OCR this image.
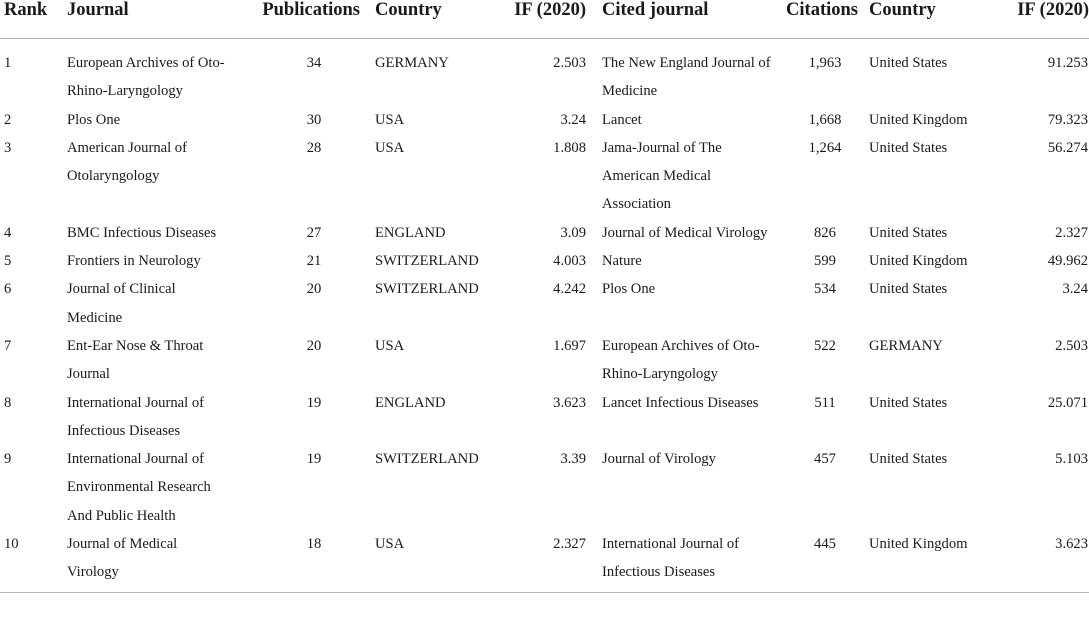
Rank	Journal	Publications	Country	IF (2020)	Cited journal	Citations	Country	IF (2020)

1	European Archives of Oto-Rhino-Laryngology	34	GERMANY	2.503	The New England Journal of Medicine	1,963	United States	91.253
2	Plos One	30	USA	3.24	Lancet	1,668	United Kingdom	79.323
3	American Journal of Otolaryngology	28	USA	1.808	Jama-Journal of The American Medical Association	1,264	United States	56.274
4	BMC Infectious Diseases	27	ENGLAND	3.09	Journal of Medical Virology	826	United States	2.327
5	Frontiers in Neurology	21	SWITZERLAND	4.003	Nature	599	United Kingdom	49.962
6	Journal of Clinical Medicine	20	SWITZERLAND	4.242	Plos One	534	United States	3.24
7	Ent-Ear Nose & Throat Journal	20	USA	1.697	European Archives of Oto-Rhino-Laryngology	522	GERMANY	2.503
8	International Journal of Infectious Diseases	19	ENGLAND	3.623	Lancet Infectious Diseases	511	United States	25.071
9	International Journal of Environmental Research And Public Health	19	SWITZERLAND	3.39	Journal of Virology	457	United States	5.103
10	Journal of Medical Virology	18	USA	2.327	International Journal of Infectious Diseases	445	United Kingdom	3.623
